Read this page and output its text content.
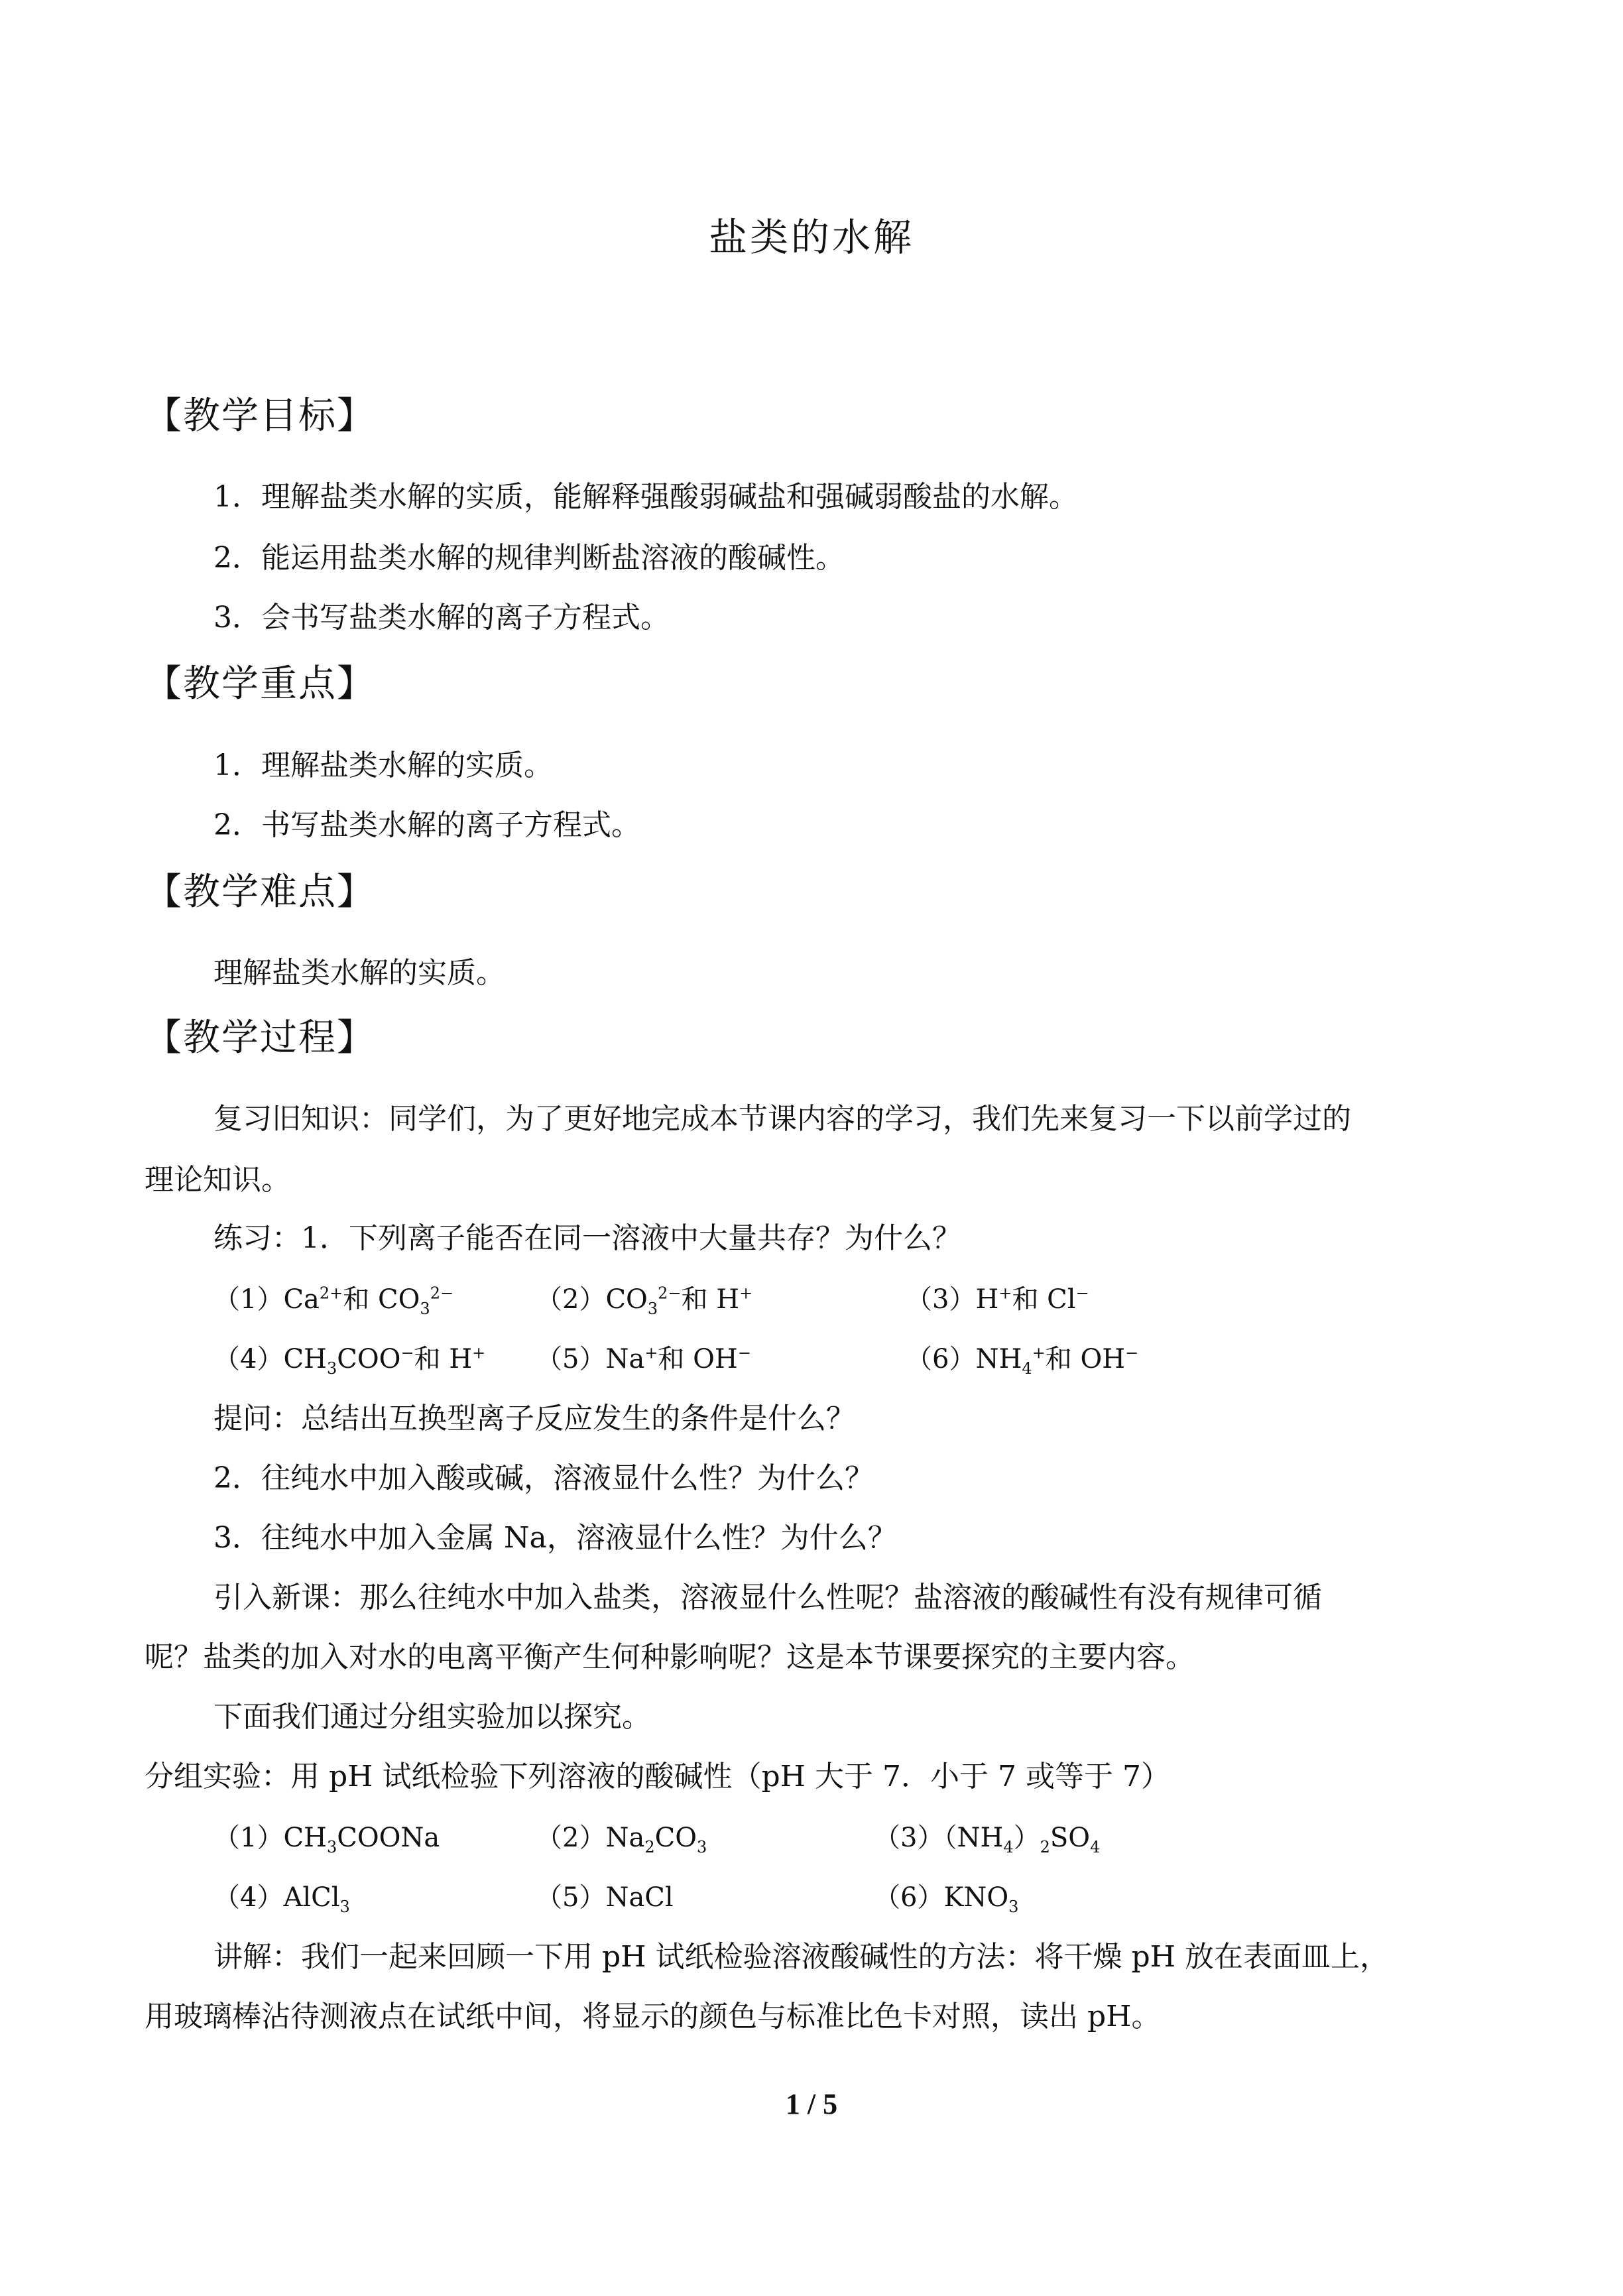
盐类的水解
【教学目标】
1．理解盐类水解的实质，能解释强酸弱碱盐和强碱弱酸盐的水解。
2．能运用盐类水解的规律判断盐溶液的酸碱性。
3．会书写盐类水解的离子方程式。
【教学重点】
1．理解盐类水解的实质。
2．书写盐类水解的离子方程式。
【教学难点】
理解盐类水解的实质。
【教学过程】
复习旧知识：同学们，为了更好地完成本节课内容的学习，我们先来复习一下以前学过的
理论知识。
练习：1．下列离子能否在同一溶液中大量共存？为什么？
$(1)Ca^{2+}$和 $CO_3^{2-}$	$(2)CO_3^{2-}$和 H+	（3）H+和 Cl−
$(4)CH_3COO^-$和 H+ （5）Na+和 OH−	$(6)NH_4^+$和 OH−
提问：总结出互换型离子反应发生的条件是什么？
2．往纯水中加入酸或碱，溶液显什么性？为什么？
3．往纯水中加入金属 Na，溶液显什么性？为什么？
引入新课：那么往纯水中加入盐类，溶液显什么性呢？盐溶液的酸碱性有没有规律可循
呢？盐类的加入对水的电离平衡产生何种影响呢？这是本节课要探究的主要内容。
下面我们通过分组实验加以探究。
分组实验：用 pH 试纸检验下列溶液的酸碱性（pH 大于 7．小于 7 或等于 7）
$(1)CH_3COONa$	$(2)Na_2CO_3$	$(3)(NH_4)_2SO_4$
（4）AlCl$_3$	（5）NaCl	$(6)KNO_3$
讲解：我们一起来回顾一下用 pH 试纸检验溶液酸碱性的方法：将干燥 pH 放在表面皿上，
用玻璃棒沾待测液点在试纸中间，将显示的颜色与标准比色卡对照，读出 pH。
1 / 5
